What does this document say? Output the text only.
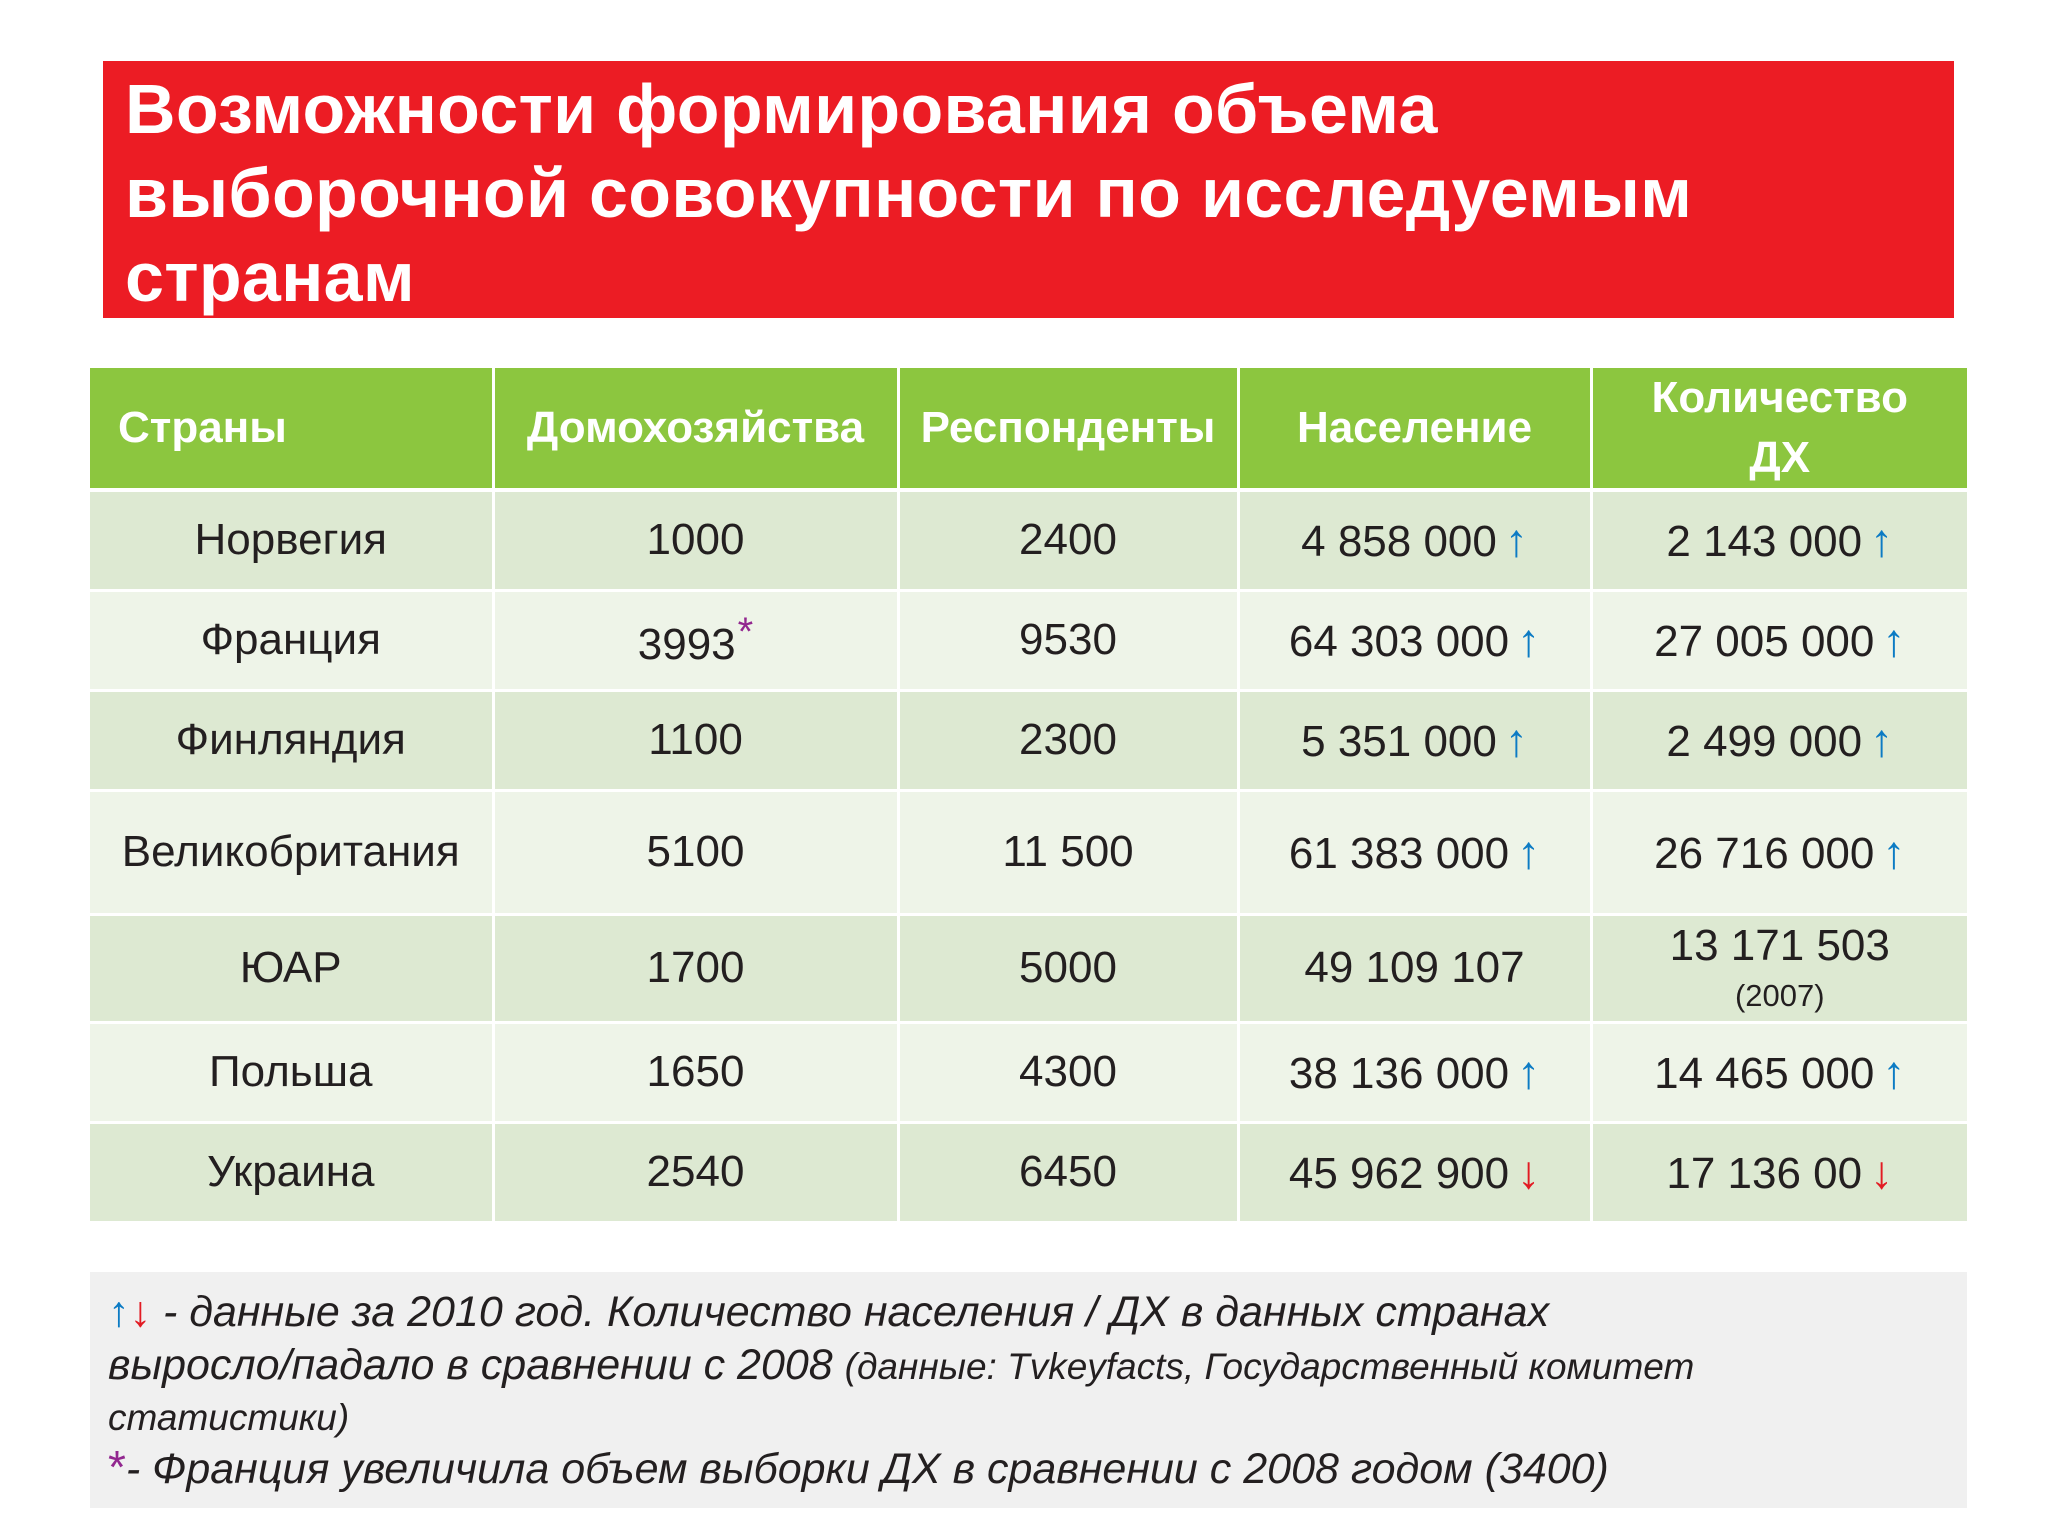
Возможности формирования объема
выборочной совокупности по исследуемым
странам
Страны	Домохозяйства	Респонденты	Население	Количество
ДХ
Норвегия	1000	2400	4 858 000 ↑	2 143 000 ↑
Франция	3993*	9530	64 303 000 ↑	27 005 000 ↑
Финляндия	1100	2300	5 351 000 ↑	2 499 000 ↑
Великобритания	5100	11 500	61 383 000 ↑	26 716 000 ↑
ЮАР	1700	5000	49 109 107	13 171 503
(2007)

Польша	1650	4300	38 136 000 ↑	14 465 000 ↑
Украина	2540	6450	45 962 900 ↓	17 136 00 ↓

↑↓ - данные за 2010 год. Количество населения / ДХ в данных странах

выросло/падало в сравнении с 2008 (данные: Tvkeyfacts, Государственный комитет

статистики)

*- Франция увеличила объем выборки ДХ в сравнении с 2008 годом (3400)
